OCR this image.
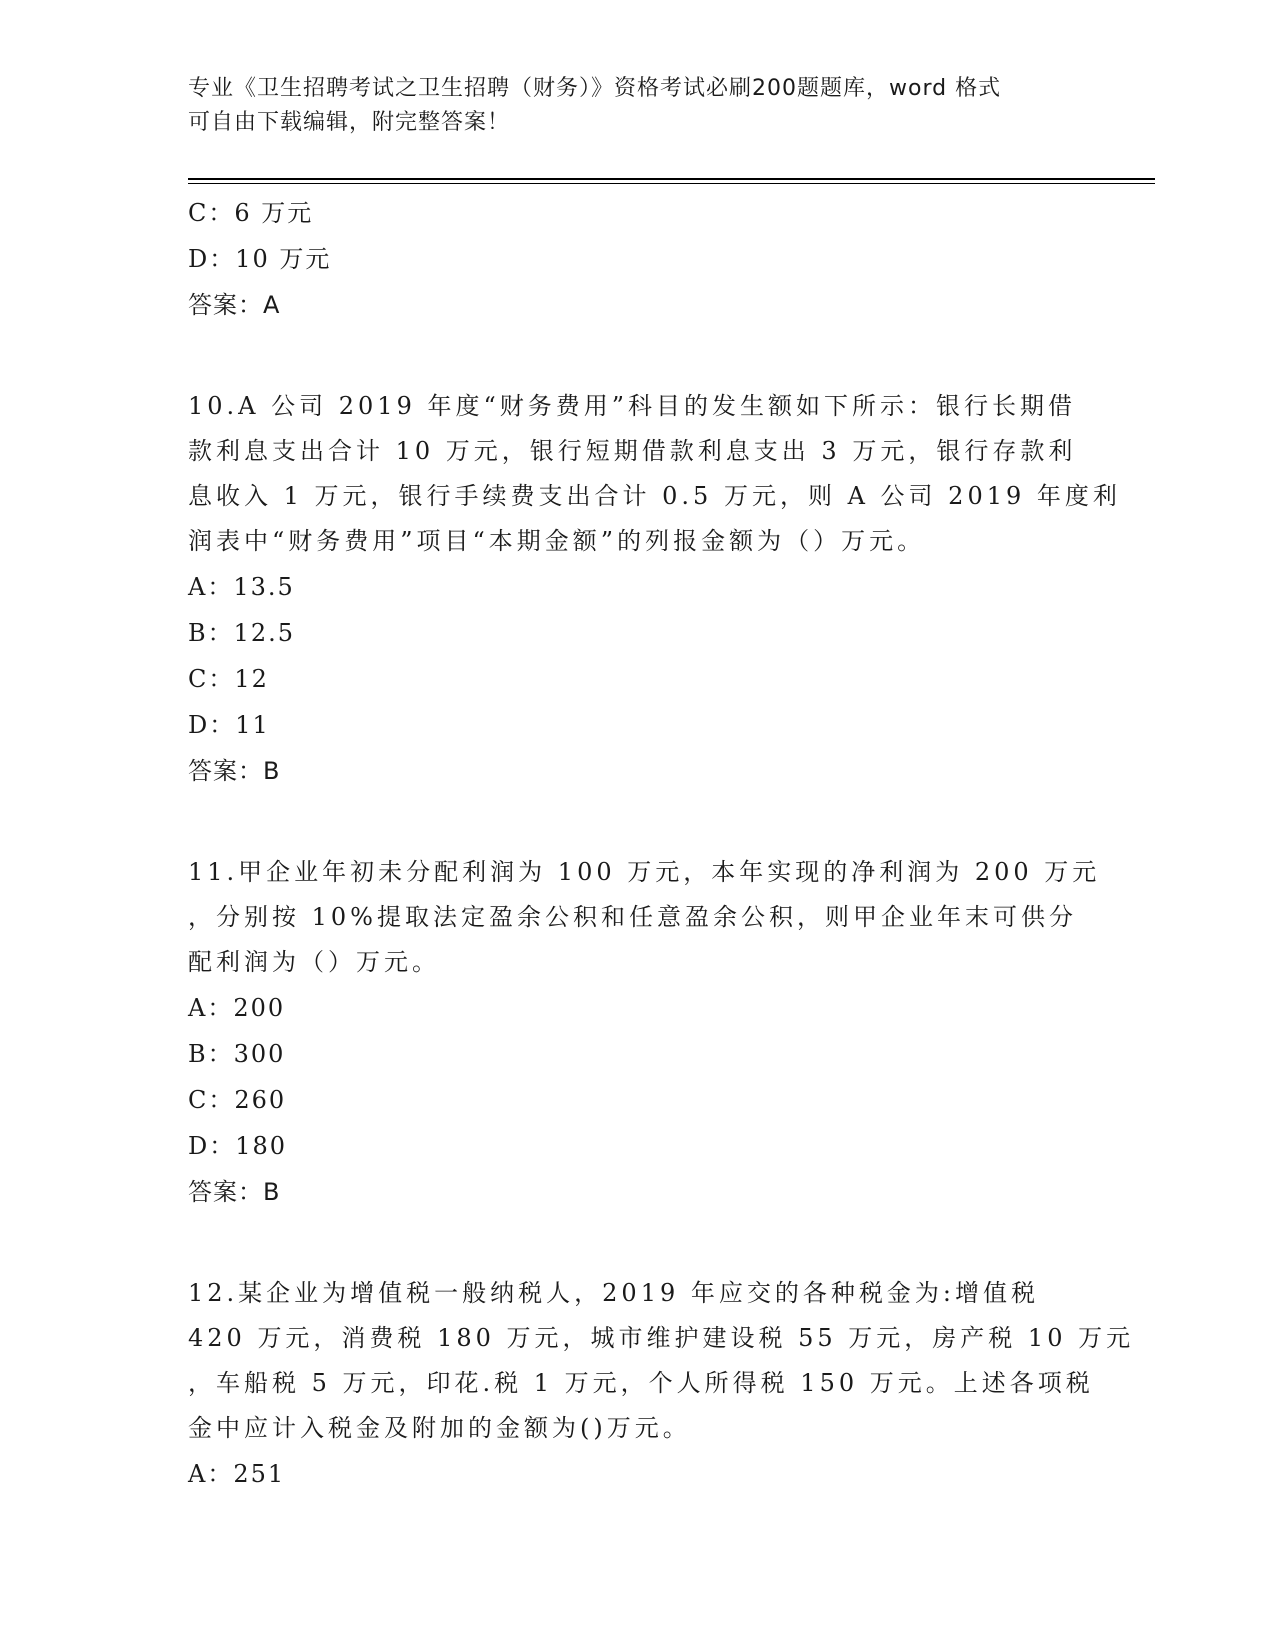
专业《卫生招聘考试之卫生招聘（财务）》资格考试必刷200题题库，word 格式
可自由下载编辑，附完整答案！
C：6 万元
D：10 万元
答案：A
10.A 公司 2019 年度“财务费用”科目的发生额如下所示：银行长期借
款利息支出合计 10 万元，银行短期借款利息支出 3 万元，银行存款利
息收入 1 万元，银行手续费支出合计 0.5 万元，则 A 公司 2019 年度利
润表中“财务费用”项目“本期金额”的列报金额为（）万元。
A：13.5
B：12.5
C：12
D：11
答案：B
11.甲企业年初未分配利润为 100 万元，本年实现的净利润为 200 万元
，分别按 10%提取法定盈余公积和任意盈余公积，则甲企业年末可供分
配利润为（）万元。
A：200
B：300
C：260
D：180
答案：B
12.某企业为增值税一般纳税人，2019 年应交的各种税金为:增值税
420 万元，消费税 180 万元，城市维护建设税 55 万元，房产税 10 万元
，车船税 5 万元，印花.税 1 万元，个人所得税 150 万元。上述各项税
金中应计入税金及附加的金额为()万元。
A：251
